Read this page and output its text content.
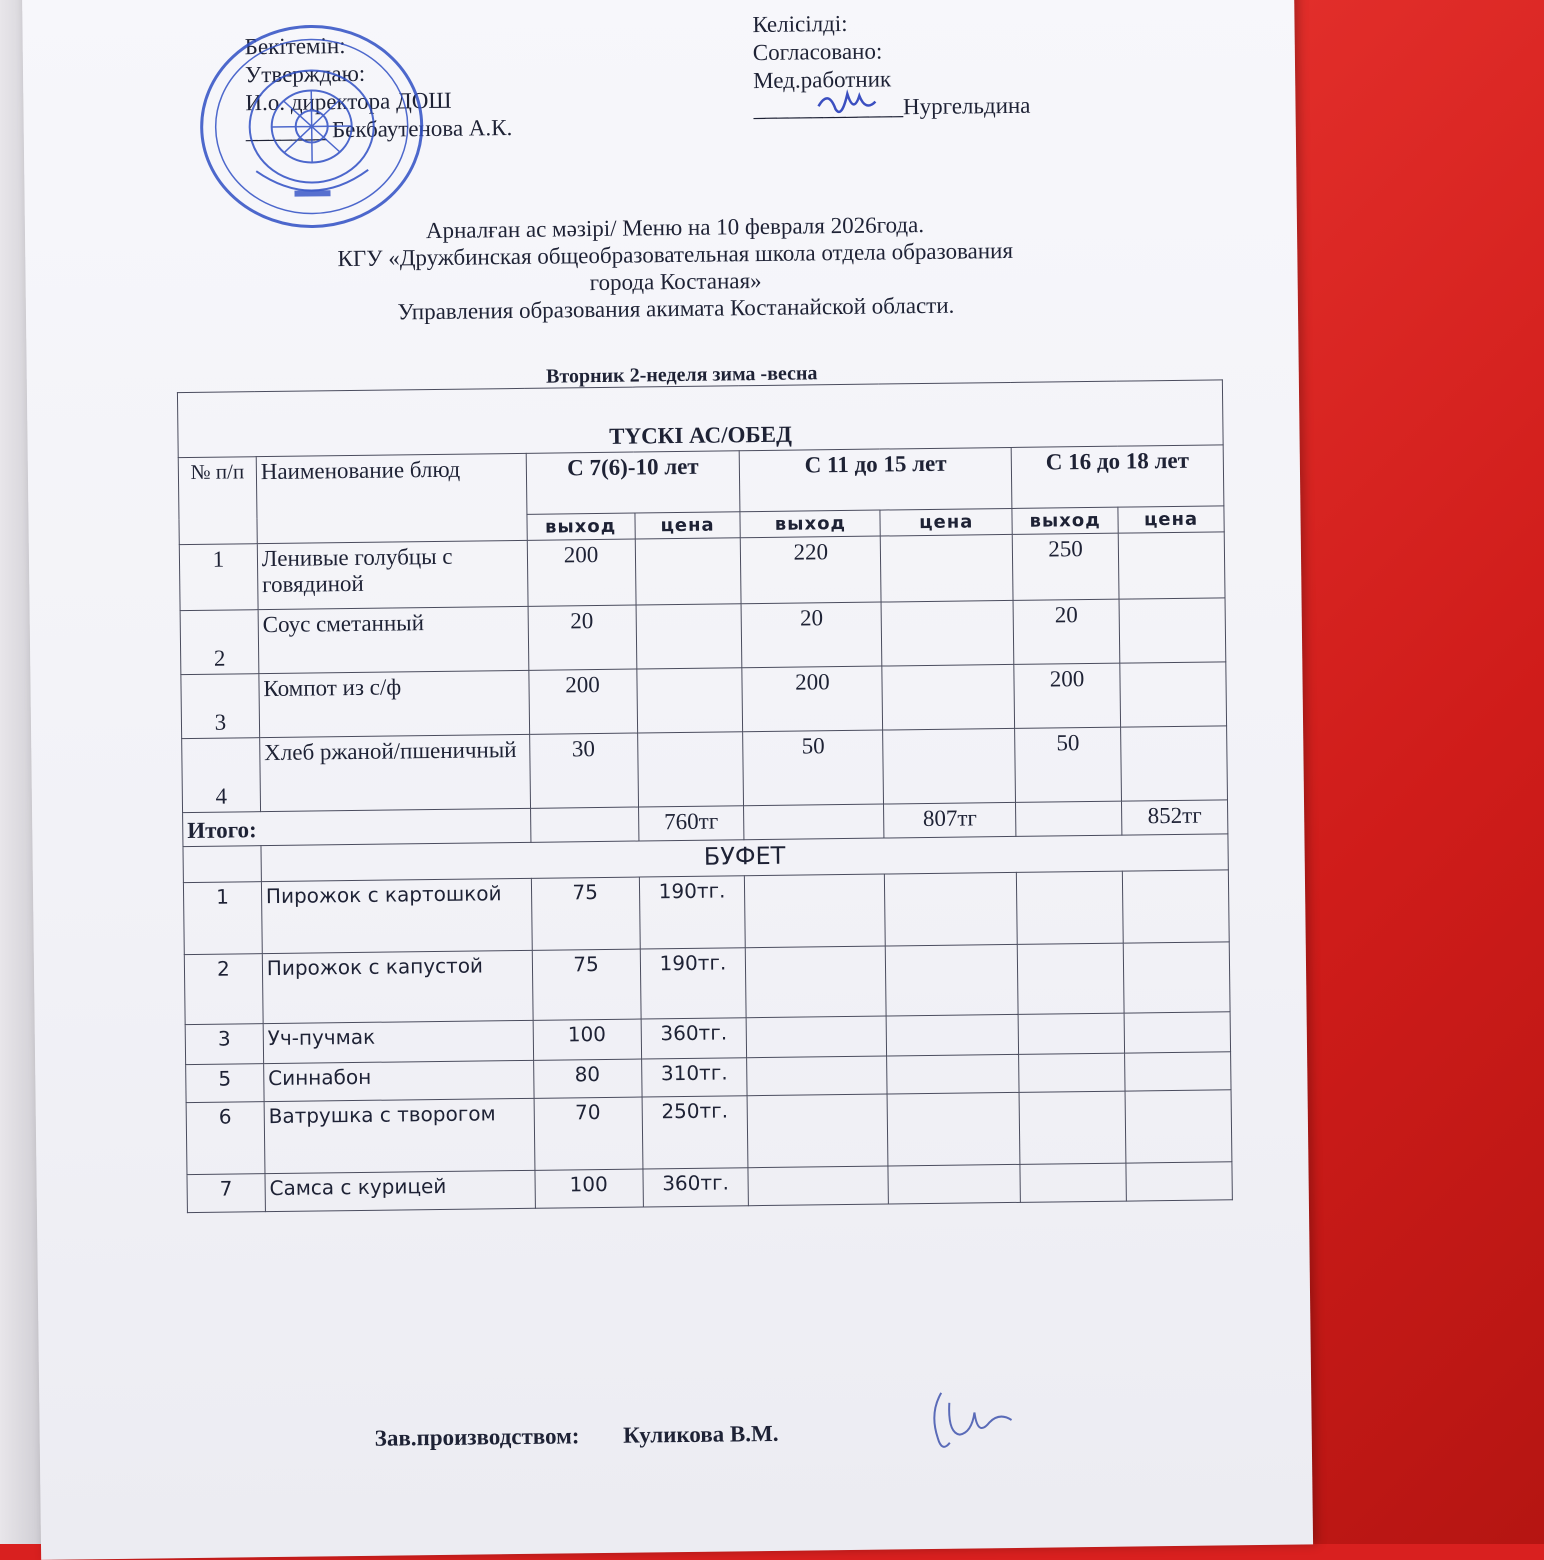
Бекітемін:
Утверждаю:
И.о. директора ДОШ
_______ Бекбаутенова А.К.
Келісілді:
Согласовано:
Мед.работник
_____________Нургельдина
Арналған ас мәзірі/ Меню на 10 февраля 2026года.
КГУ «Дружбинская общеобразовательная школа отдела образования
города Костаная»
Управления образования акимата Костанайской области.
Вторник 2-неделя зима -весна
ТҮСКІ АС/ОБЕД							
№ п/п	Наименование блюд	С 7(6)-10 лет		С 11 до 15 лет		С 16 до 18 лет	
		выход	цена	выход	цена	выход	цена
1	Ленивые голубцы с говядиной	200		220		250	
2	Соус сметанный	20		20		20	
3	Компот из с/ф	200		200		200	
4	Хлеб ржаной/пшеничный	30		50		50	
Итого:			760тг		807тг		852тг
	БУФЕТ						
1	Пирожок с картошкой	75	190тг.				
2	Пирожок с капустой	75	190тг.				
3	Уч-пучмак	100	360тг.				
5	Синнабон	80	310тг.				
6	Ватрушка с творогом	70	250тг.				
7	Самса с курицей	100	360тг.				
Зав.производством: Куликова В.М.
